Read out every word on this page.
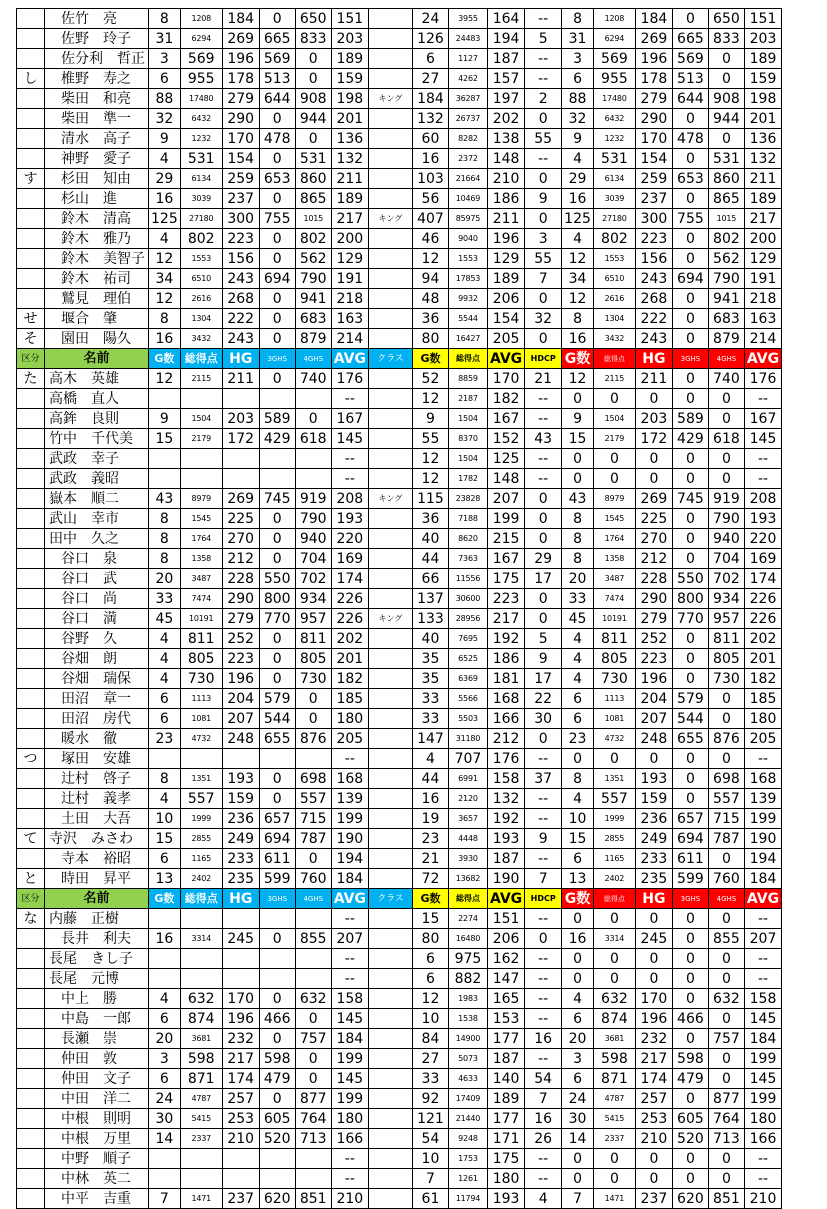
	佐竹　亮	8	1208	184	0	650	151		24	3955	164	--	8	1208	184	0	650	151
	佐野　玲子	31	6294	269	665	833	203		126	24483	194	5	31	6294	269	665	833	203
	佐分利　哲正	3	569	196	569	0	189		6	1127	187	--	3	569	196	569	0	189
し	椎野　寿之	6	955	178	513	0	159		27	4262	157	--	6	955	178	513	0	159
	柴田　和亮	88	17480	279	644	908	198	キング	184	36287	197	2	88	17480	279	644	908	198
	柴田　準一	32	6432	290	0	944	201		132	26737	202	0	32	6432	290	0	944	201
	清水　高子	9	1232	170	478	0	136		60	8282	138	55	9	1232	170	478	0	136
	神野　愛子	4	531	154	0	531	132		16	2372	148	--	4	531	154	0	531	132
す	杉田　知由	29	6134	259	653	860	211		103	21664	210	0	29	6134	259	653	860	211
	杉山　進	16	3039	237	0	865	189		56	10469	186	9	16	3039	237	0	865	189
	鈴木　清高	125	27180	300	755	1015	217	キング	407	85975	211	0	125	27180	300	755	1015	217
	鈴木　雅乃	4	802	223	0	802	200		46	9040	196	3	4	802	223	0	802	200
	鈴木　美智子	12	1553	156	0	562	129		12	1553	129	55	12	1553	156	0	562	129
	鈴木　祐司	34	6510	243	694	790	191		94	17853	189	7	34	6510	243	694	790	191
	鷲見　理伯	12	2616	268	0	941	218		48	9932	206	0	12	2616	268	0	941	218
せ	堰合　肇	8	1304	222	0	683	163		36	5544	154	32	8	1304	222	0	683	163
そ	園田　陽久	16	3432	243	0	879	214		80	16427	205	0	16	3432	243	0	879	214
区分	名前	G数	総得点	HG	3GHS	4GHS	AVG	クラス	G数	総得点	AVG	HDCP	G数	総得点	HG	3GHS	4GHS	AVG
た	高木　英雄	12	2115	211	0	740	176		52	8859	170	21	12	2115	211	0	740	176
	高橋　直人						--		12	2187	182	--	0	0	0	0	0	--
	高鉾　良則	9	1504	203	589	0	167		9	1504	167	--	9	1504	203	589	0	167
	竹中　千代美	15	2179	172	429	618	145		55	8370	152	43	15	2179	172	429	618	145
	武政　幸子						--		12	1504	125	--	0	0	0	0	0	--
	武政　義昭						--		12	1782	148	--	0	0	0	0	0	--
	嶽本　順二	43	8979	269	745	919	208	キング	115	23828	207	0	43	8979	269	745	919	208
	武山　幸市	8	1545	225	0	790	193		36	7188	199	0	8	1545	225	0	790	193
	田中　久之	8	1764	270	0	940	220		40	8620	215	0	8	1764	270	0	940	220
	谷口　泉	8	1358	212	0	704	169		44	7363	167	29	8	1358	212	0	704	169
	谷口　武	20	3487	228	550	702	174		66	11556	175	17	20	3487	228	550	702	174
	谷口　尚	33	7474	290	800	934	226		137	30600	223	0	33	7474	290	800	934	226
	谷口　満	45	10191	279	770	957	226	キング	133	28956	217	0	45	10191	279	770	957	226
	谷野　久	4	811	252	0	811	202		40	7695	192	5	4	811	252	0	811	202
	谷畑　朗	4	805	223	0	805	201		35	6525	186	9	4	805	223	0	805	201
	谷畑　瑞保	4	730	196	0	730	182		35	6369	181	17	4	730	196	0	730	182
	田沼　章一	6	1113	204	579	0	185		33	5566	168	22	6	1113	204	579	0	185
	田沼　房代	6	1081	207	544	0	180		33	5503	166	30	6	1081	207	544	0	180
	暖水　徹	23	4732	248	655	876	205		147	31180	212	0	23	4732	248	655	876	205
つ	塚田　安雄						--		4	707	176	--	0	0	0	0	0	--
	辻村　啓子	8	1351	193	0	698	168		44	6991	158	37	8	1351	193	0	698	168
	辻村　義孝	4	557	159	0	557	139		16	2120	132	--	4	557	159	0	557	139
	土田　大吾	10	1999	236	657	715	199		19	3657	192	--	10	1999	236	657	715	199
て	寺沢　みさわ	15	2855	249	694	787	190		23	4448	193	9	15	2855	249	694	787	190
	寺本　裕昭	6	1165	233	611	0	194		21	3930	187	--	6	1165	233	611	0	194
と	時田　昇平	13	2402	235	599	760	184		72	13682	190	7	13	2402	235	599	760	184
区分	名前	G数	総得点	HG	3GHS	4GHS	AVG	クラス	G数	総得点	AVG	HDCP	G数	総得点	HG	3GHS	4GHS	AVG
な	内藤　正樹						--		15	2274	151	--	0	0	0	0	0	--
	長井　利夫	16	3314	245	0	855	207		80	16480	206	0	16	3314	245	0	855	207
	長尾　きし子						--		6	975	162	--	0	0	0	0	0	--
	長尾　元博						--		6	882	147	--	0	0	0	0	0	--
	中上　勝	4	632	170	0	632	158		12	1983	165	--	4	632	170	0	632	158
	中島　一郎	6	874	196	466	0	145		10	1538	153	--	6	874	196	466	0	145
	長瀬　崇	20	3681	232	0	757	184		84	14900	177	16	20	3681	232	0	757	184
	仲田　敦	3	598	217	598	0	199		27	5073	187	--	3	598	217	598	0	199
	仲田　文子	6	871	174	479	0	145		33	4633	140	54	6	871	174	479	0	145
	中田　洋二	24	4787	257	0	877	199		92	17409	189	7	24	4787	257	0	877	199
	中根　則明	30	5415	253	605	764	180		121	21440	177	16	30	5415	253	605	764	180
	中根　万里	14	2337	210	520	713	166		54	9248	171	26	14	2337	210	520	713	166
	中野　順子						--		10	1753	175	--	0	0	0	0	0	--
	中林　英二						--		7	1261	180	--	0	0	0	0	0	--
	中平　吉重	7	1471	237	620	851	210		61	11794	193	4	7	1471	237	620	851	210
